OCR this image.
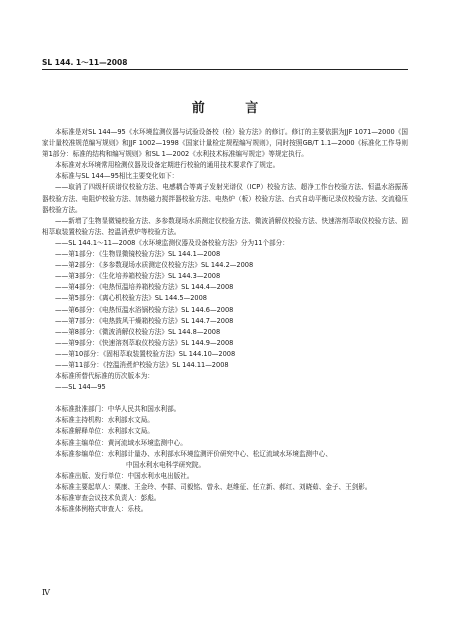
SL 144. 1～11—2008
前 言

本标准是对SL 144—95《水环境监测仪器与试验设备校（检）验方法》的修订。修订的主要依据为JJF 1071—2000《国家计量校准规范编写规则》和JJF 1002—1998《国家计量检定规程编写规则》，同时按照GB/T 1.1—2000《标准化工作导则　第1部分：标准的结构和编写规则》和SL 1—2002《水利技术标准编写规定》等规定执行。

本标准对水环境常用检测仪器及设备定期进行校验的通用技术要求作了规定。

本标准与SL 144—95相比主要变化如下：

——取消了四级杆质谱仪校验方法、电感耦合等离子发射光谱仪（ICP）校验方法、超净工作台校验方法、恒温水浴振荡器校验方法、电阻炉校验方法、加热磁力搅拌器校验方法、电热炉（板）校验方法、台式自动平衡记录仪校验方法、交流稳压器校验方法。

——新增了生物显微镜校验方法、多参数现场水质测定仪校验方法、微波消解仪校验方法、快速溶剂萃取仪校验方法、固相萃取装置校验方法、控温消煮炉等校验方法。

——SL 144.1～11—2008《水环境监测仪器及设备校验方法》分为11个部分：

——第1部分：《生物显微镜校验方法》SL 144.1—2008

——第2部分：《多参数现场水质测定仪校验方法》SL 144.2—2008

——第3部分：《生化培养箱校验方法》SL 144.3—2008

——第4部分：《电热恒温培养箱校验方法》SL 144.4—2008

——第5部分：《离心机校验方法》SL 144.5—2008

——第6部分：《电热恒温水浴锅校验方法》SL 144.6—2008

——第7部分：《电热鼓风干燥箱校验方法》SL 144.7—2008

——第8部分：《微波消解仪校验方法》SL 144.8—2008

——第9部分：《快速溶剂萃取仪校验方法》SL 144.9—2008

——第10部分：《固相萃取装置校验方法》SL 144.10—2008

——第11部分：《控温消煮炉校验方法》SL 144.11—2008

本标准所替代标准的历次版本为：

——SL 144—95

本标准批准部门： 中华人民共和国水利部。
本标准主持机构： 水利部水文局。
本标准解释单位： 水利部水文局。
本标准主编单位： 黄河流域水环境监测中心。
本标准参编单位： 水利部计量办、水利部水环境监测评价研究中心、松辽流域水环境监测中心、

中国水利水电科学研究院。

本标准出版、发行单位：中国水利水电出版社。

本标准主要起草人： 栗康、王金玲、李群、司毅铭、曾永、赵维征、任立新、郝红、刘晓茹、金子、王剑影。

本标准审查会议技术负责人：彭彪。

本标准体例格式审查人：乐枝。

Ⅳ
